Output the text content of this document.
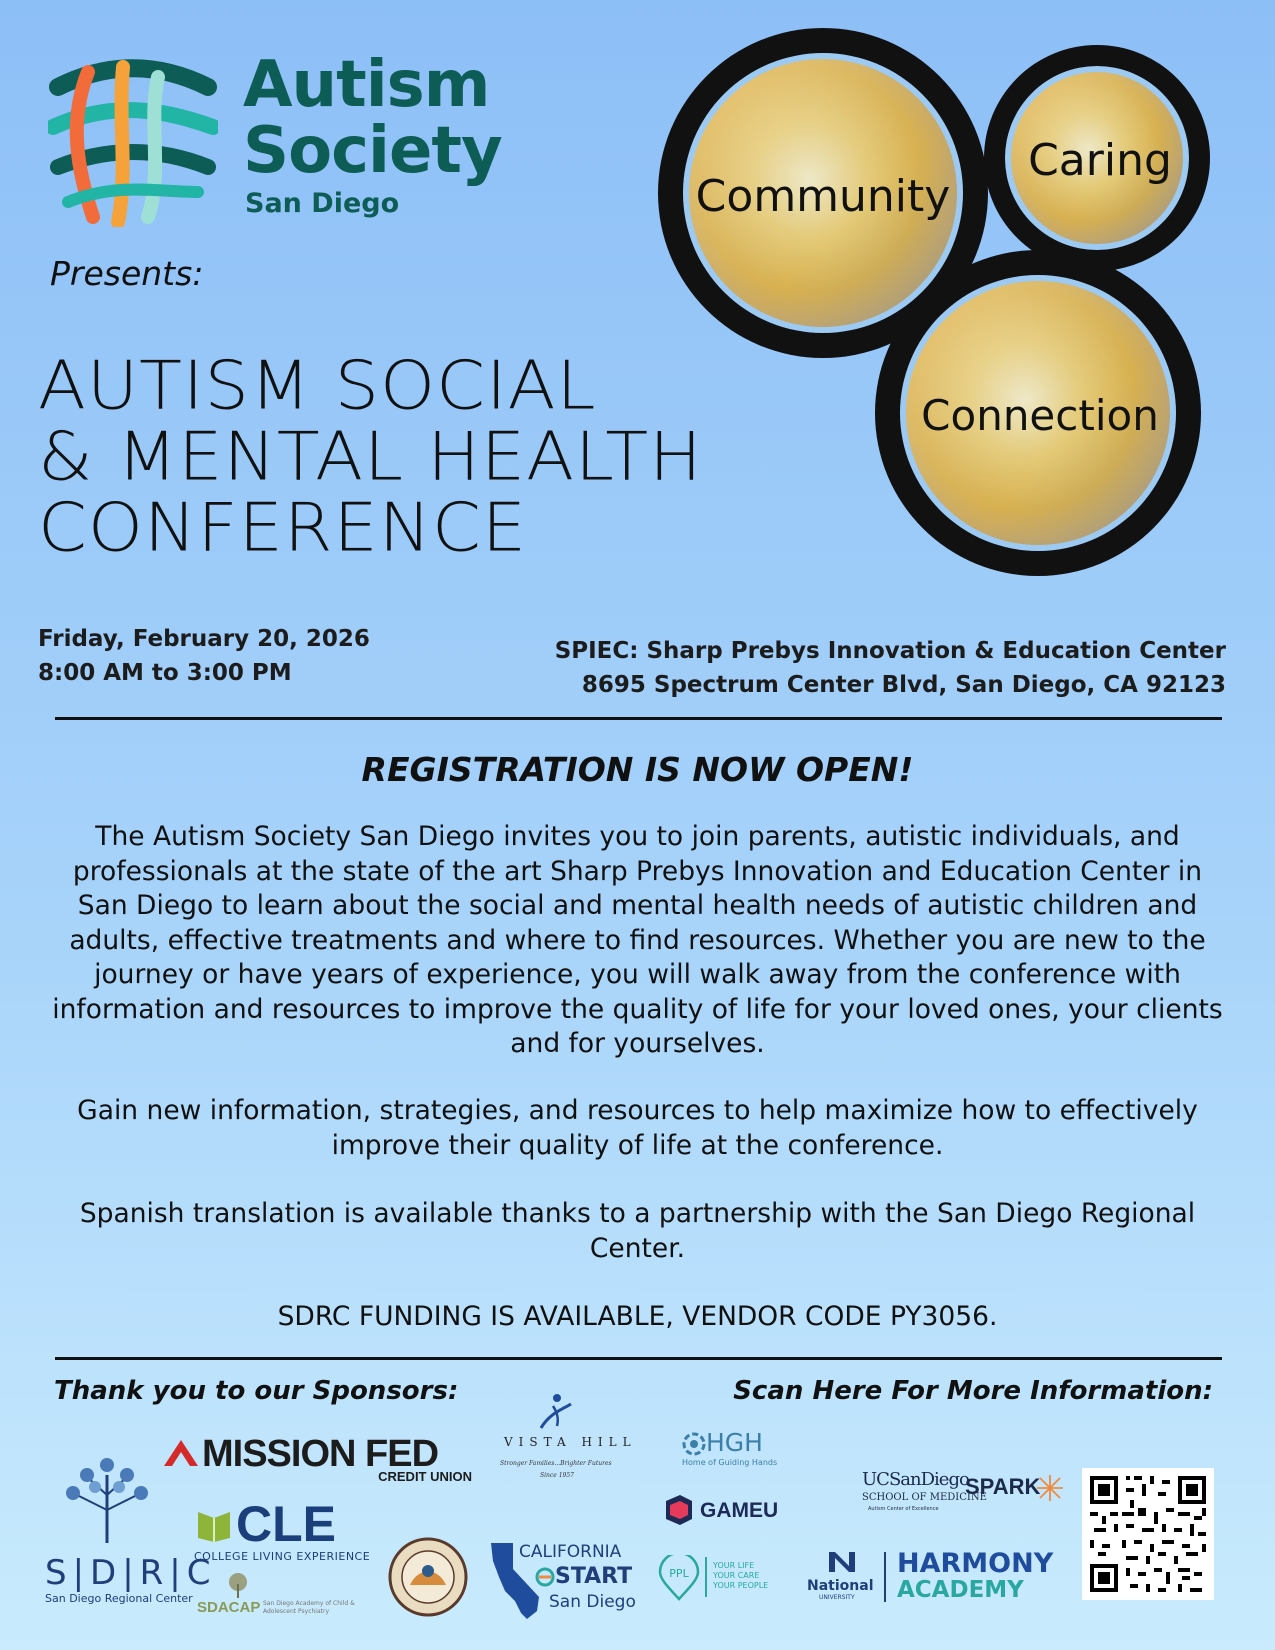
Autism
Society
San Diego
Presents:
AUTISM SOCIAL
& MENTAL HEALTH
CONFERENCE
Community
Caring
Connection
Friday, February 20, 2026
8:00 AM to 3:00 PM
SPIEC: Sharp Prebys Innovation & Education Center
8695 Spectrum Center Blvd, San Diego, CA 92123
REGISTRATION IS NOW OPEN!
The Autism Society San Diego invites you to join parents, autistic individuals, and professionals at the state of the art Sharp Prebys Innovation and Education Center in San Diego to learn about the social and mental health needs of autistic children and adults, effective treatments and where to find resources. Whether you are new to the journey or have years of experience, you will walk away from the conference with information and resources to improve the quality of life for your loved ones, your clients and for yourselves.
Gain new information, strategies, and resources to help maximize how to effectively improve their quality of life at the conference.
Spanish translation is available thanks to a partnership with the San Diego Regional Center.
SDRC FUNDING IS AVAILABLE, VENDOR CODE PY3056.
Thank you to our Sponsors:	Scan Here For More Information:
S|D|R|C
San Diego Regional Center
MISSION FED
CREDIT UNION
VISTA HILL
Stronger Families...Brighter Futures
Since 1957
CLE
COLLEGE LIVING EXPERIENCE
SDACAP San Diego Academy of Child & Adolescent Psychiatry
CALIFORNIA
START
San Diego
HGH
Home of Guiding Hands
GAMEU
PPL
YOUR LIFE
YOUR CARE
YOUR PEOPLE
UCSanDiego
SCHOOL OF MEDICINE
Autism Center of Excellence
SPARK
National
UNIVERSITY
HARMONY
ACADEMY
